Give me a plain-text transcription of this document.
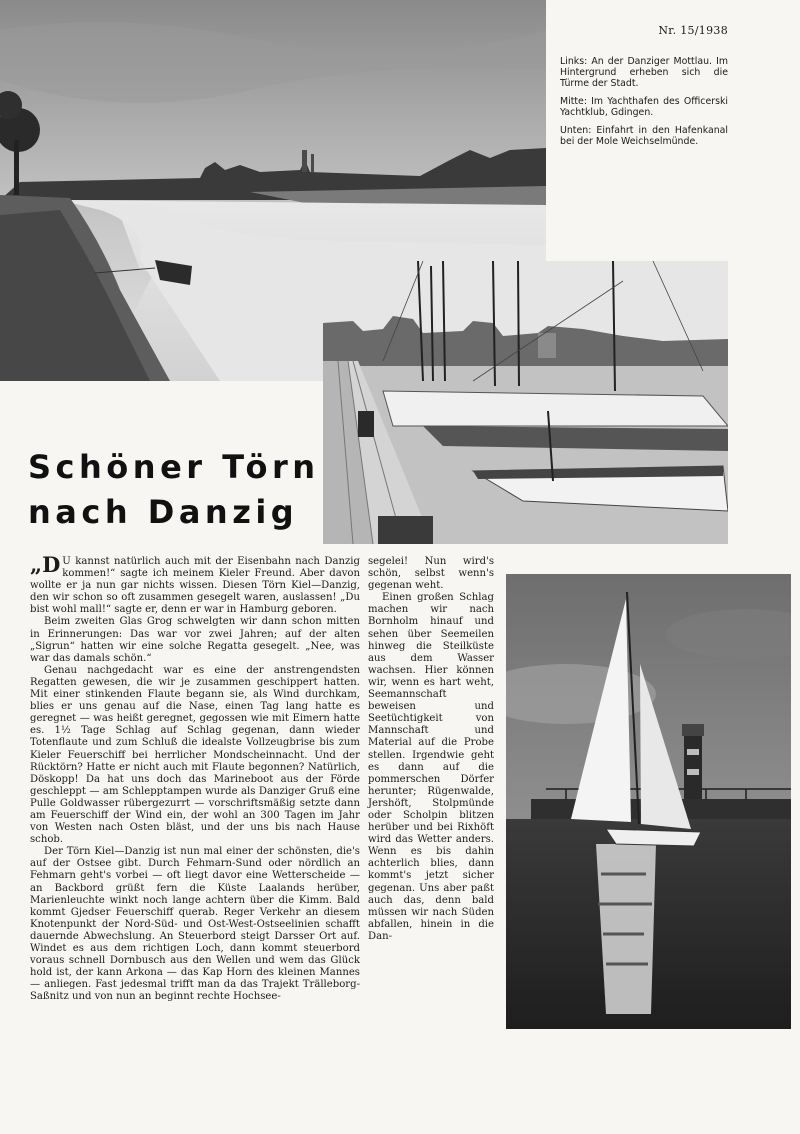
Nr. 15/1938

Links: An der Danziger Mottlau. Im Hintergrund erheben sich die Türme der Stadt.

Mitte: Im Yachthafen des Officerski Yachtklub, Gdingen.

Unten: Einfahrt in den Hafenkanal bei der Mole Weichselmünde.

Schöner Törn
nach Danzig

„D U kannst natürlich auch mit der Eisenbahn nach Danzig kommen!“ sagte ich meinem Kieler Freund. Aber davon wollte er ja nun gar nichts wissen. Diesen Törn Kiel—Danzig, den wir schon so oft zusammen gesegelt waren, auslassen! „Du bist wohl mall!“ sagte er, denn er war in Hamburg geboren.

Beim zweiten Glas Grog schwelgten wir dann schon mitten in Erinnerungen: Das war vor zwei Jahren; auf der alten „Sigrun“ hatten wir eine solche Regatta gesegelt. „Nee, was war das damals schön.“

Genau nachgedacht war es eine der anstrengendsten Regatten gewesen, die wir je zusammen geschippert hatten. Mit einer stinkenden Flaute begann sie, als Wind durchkam, blies er uns genau auf die Nase, einen Tag lang hatte es geregnet — was heißt geregnet, gegossen wie mit Eimern hatte es. 1½ Tage Schlag auf Schlag gegenan, dann wieder Totenflaute und zum Schluß die idealste Vollzeugbrise bis zum Kieler Feuerschiff bei herrlicher Mondscheinnacht. Und der Rücktörn? Hatte er nicht auch mit Flaute begonnen? Natürlich, Döskopp! Da hat uns doch das Marineboot aus der Förde geschleppt — am Schlepptampen wurde als Danziger Gruß eine Pulle Goldwasser rübergezurrt — vorschriftsmäßig setzte dann am Feuerschiff der Wind ein, der wohl an 300 Tagen im Jahr von Westen nach Osten bläst, und der uns bis nach Hause schob.

Der Törn Kiel—Danzig ist nun mal einer der schönsten, die's auf der Ostsee gibt. Durch Fehmarn-Sund oder nördlich an Fehmarn geht's vorbei — oft liegt davor eine Wetterscheide — an Backbord grüßt fern die Küste Laalands herüber, Marienleuchte winkt noch lange achtern über die Kimm. Bald kommt Gjedser Feuerschiff querab. Reger Verkehr an diesem Knotenpunkt der Nord-Süd- und Ost-West-Ostseelinien schafft dauernde Abwechslung. An Steuerbord steigt Darsser Ort auf. Windet es aus dem richtigen Loch, dann kommt steuerbord voraus schnell Dornbusch aus den Wellen und wem das Glück hold ist, der kann Arkona — das Kap Horn des kleinen Mannes — anliegen. Fast jedesmal trifft man da das Trajekt Trälleborg-Saßnitz und von nun an beginnt rechte Hochsee-

segelei! Nun wird's schön, selbst wenn's gegenan weht.

Einen großen Schlag machen wir nach Bornholm hinauf und sehen über Seemeilen hinweg die Steilküste aus dem Wasser wachsen. Hier können wir, wenn es hart weht, Seemannschaft beweisen und Seetüchtigkeit von Mannschaft und Material auf die Probe stellen. Irgendwie geht es dann auf die pommerschen Dörfer herunter; Rügenwalde, Jershöft, Stolpmünde oder Scholpin blitzen herüber und bei Rixhöft wird das Wetter anders. Wenn es bis dahin achterlich blies, dann kommt's jetzt sicher gegenan. Uns aber paßt auch das, denn bald müssen wir nach Süden abfallen, hinein in die Dan-
